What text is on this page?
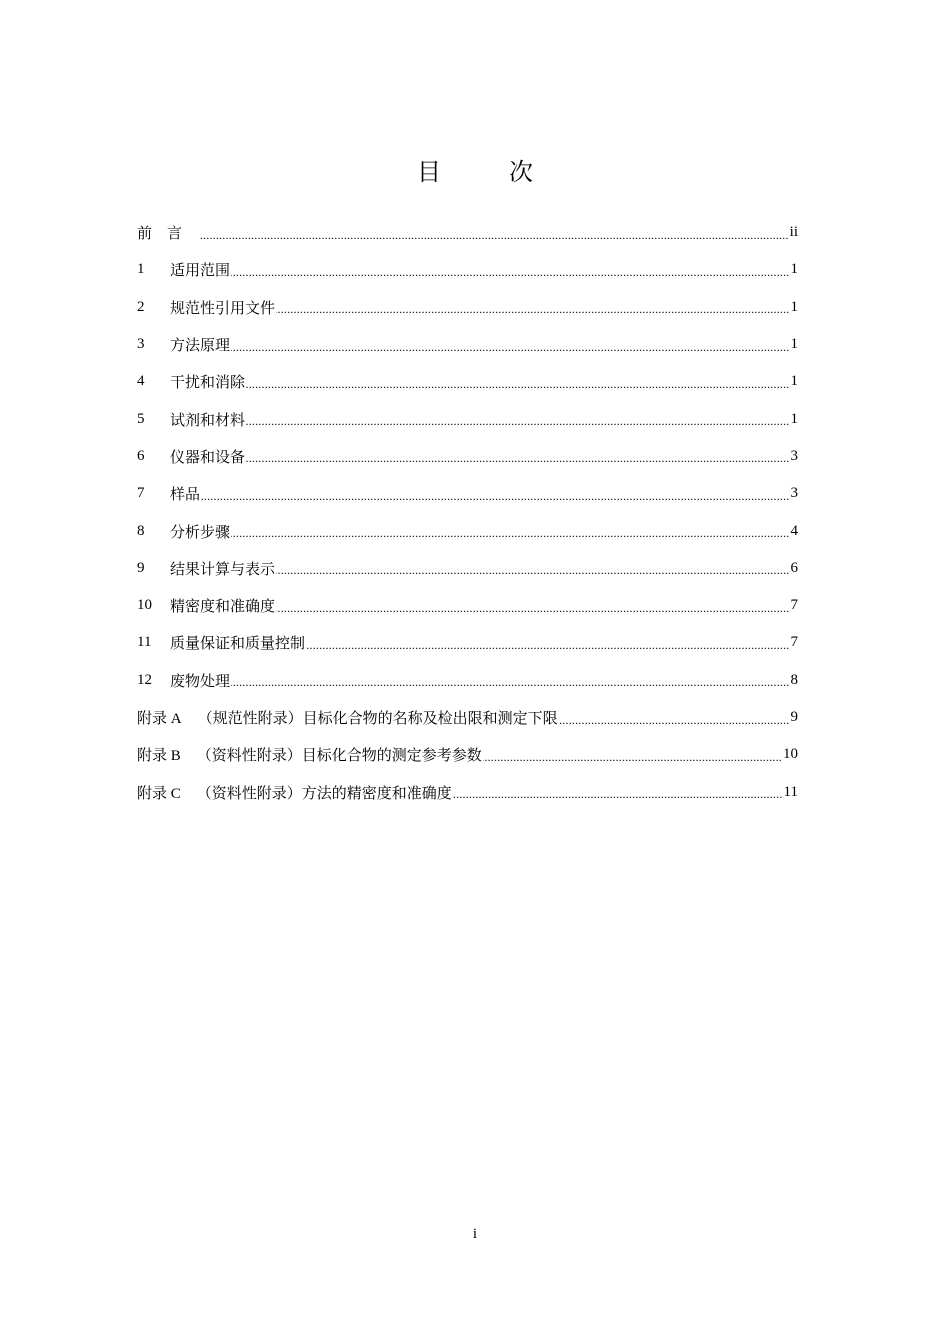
目　次
前　言 .....	ii
1	适用范围 .....	1
2	规范性引用文件 .....	1
3	方法原理 .....	1
4	干扰和消除 .....	1
5	试剂和材料 .....	1
6	仪器和设备 .....	3
7	样品 .....	3
8	分析步骤 .....	4
9	结果计算与表示 .....	6
10	精密度和准确度 .....	7
11	质量保证和质量控制 .....	7
12	废物处理 .....	8
附录 A （规范性附录）目标化合物的名称及检出限和测定下限 .....	9
附录 B （资料性附录）目标化合物的测定参考参数 .....	10
附录 C （资料性附录）方法的精密度和准确度 .....	11
i
